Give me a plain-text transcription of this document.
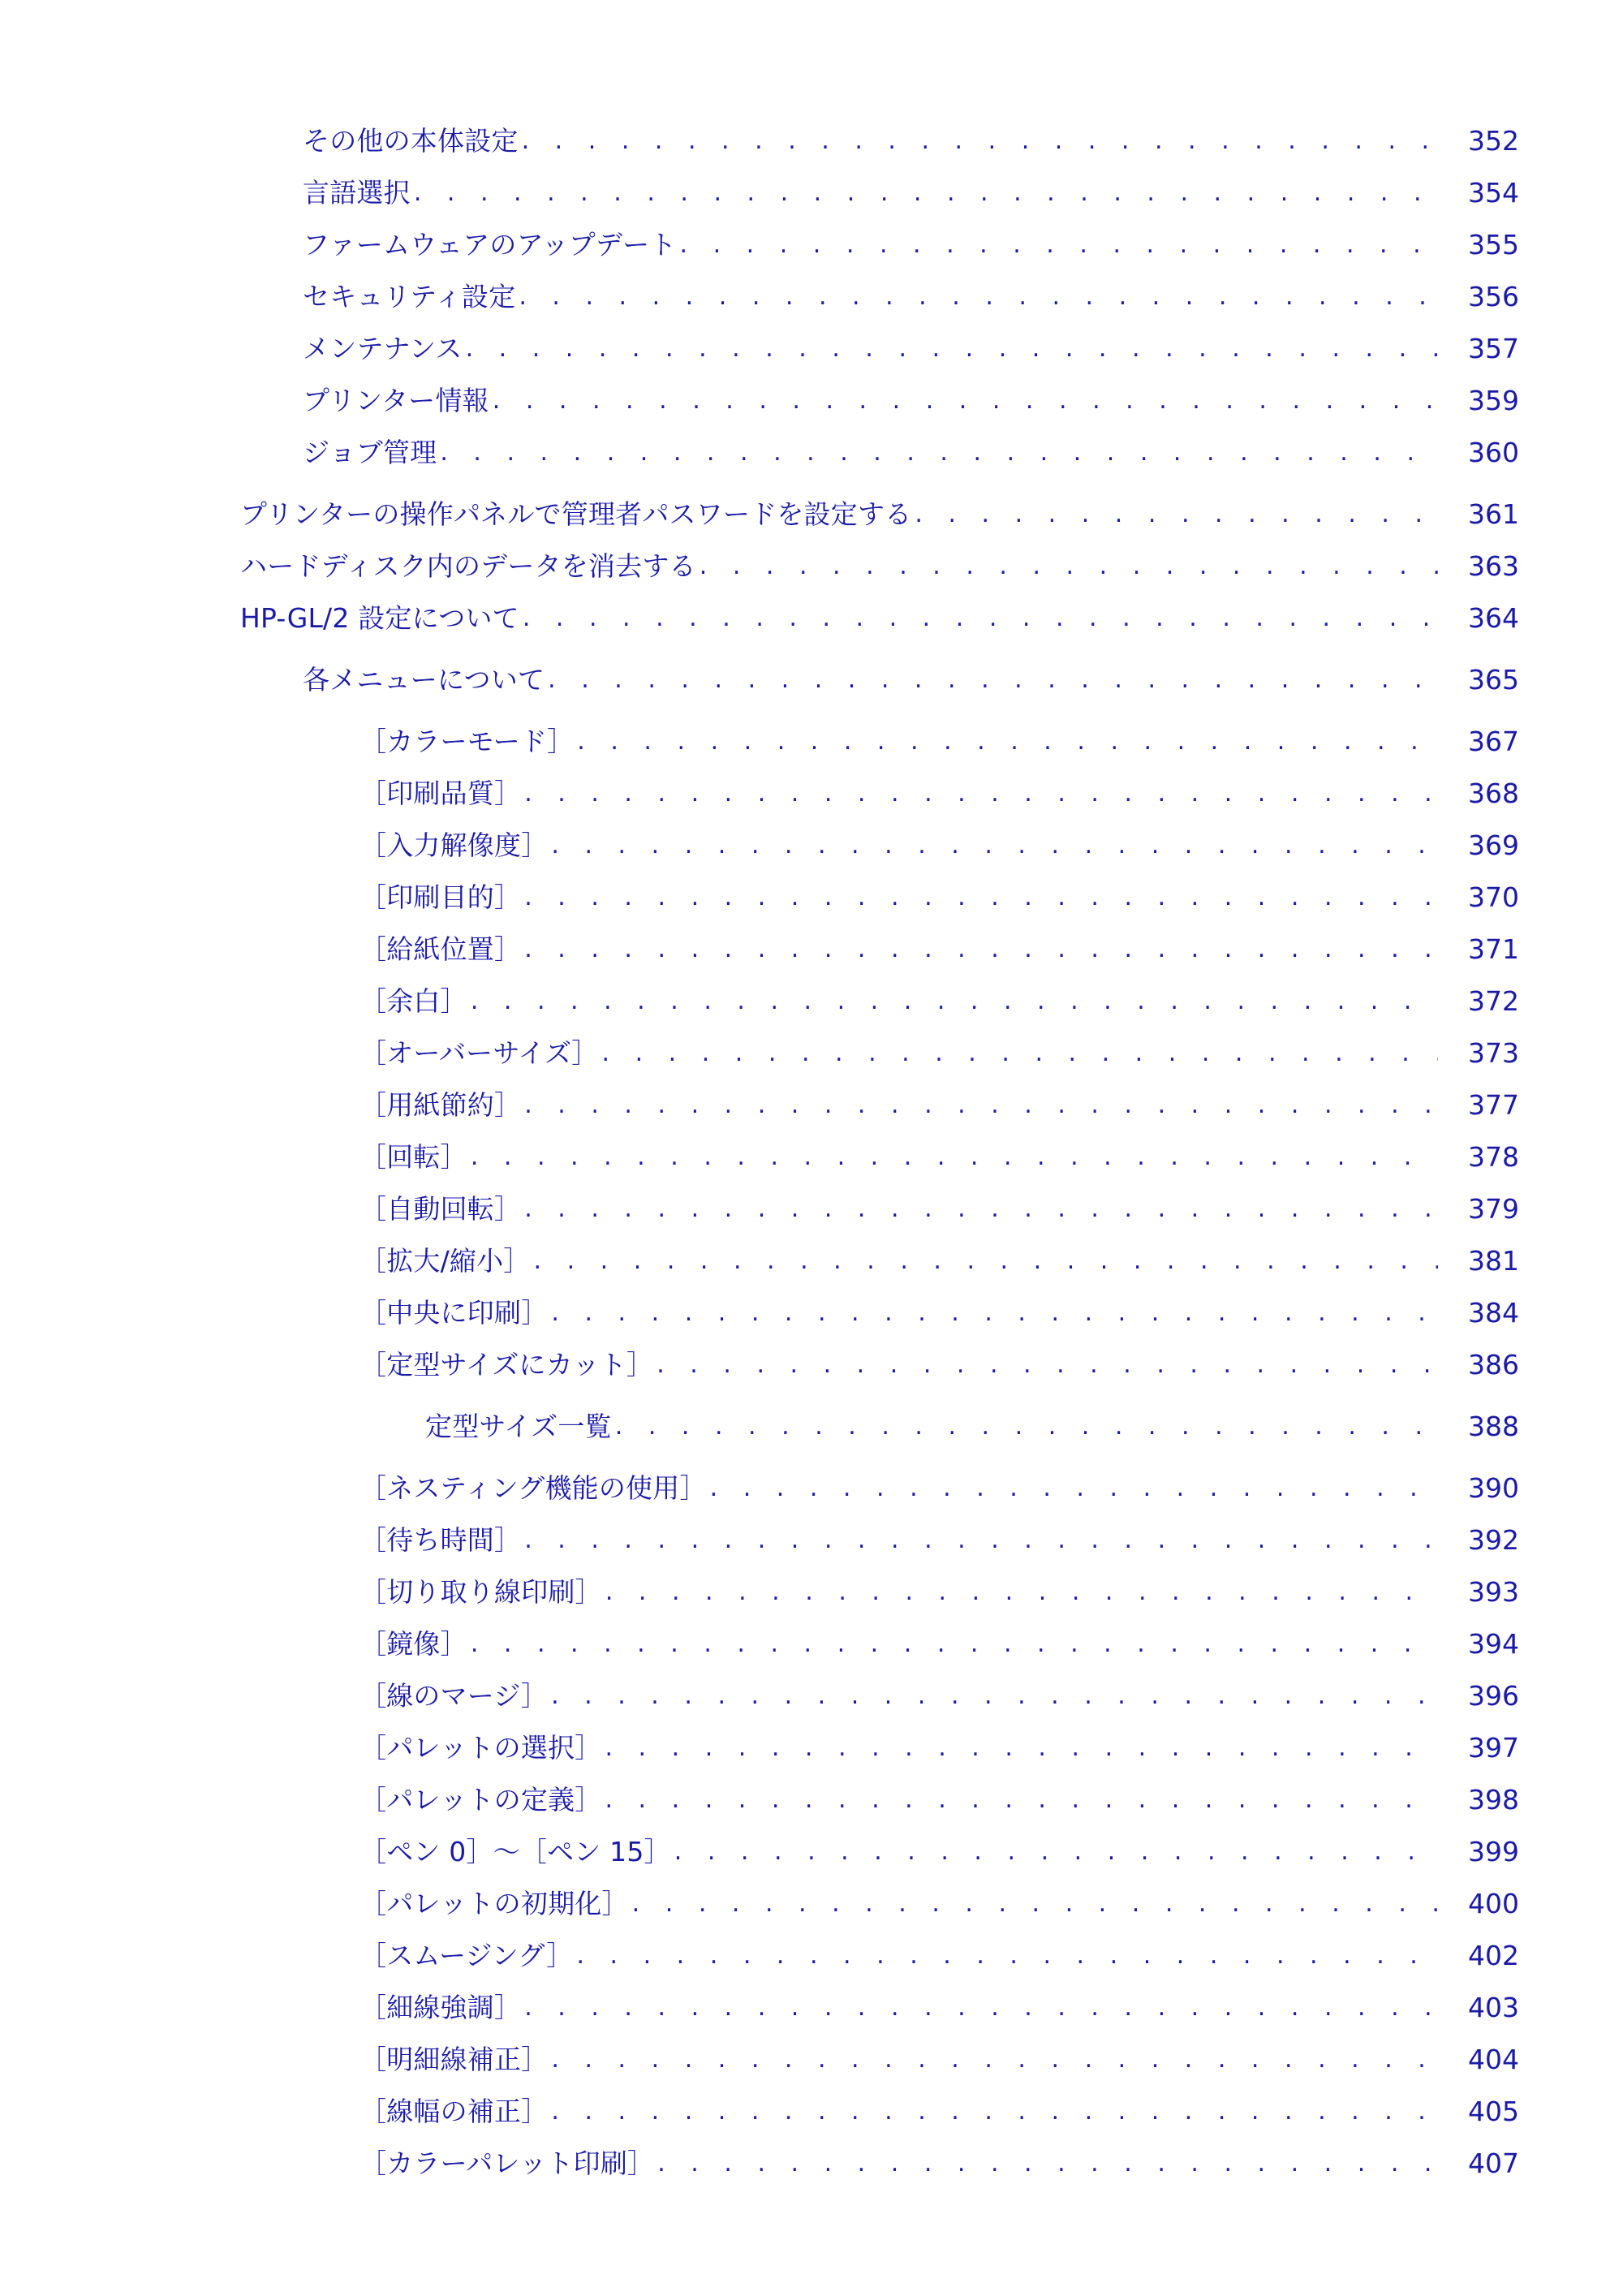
その他の本体設定 . . .	352
言語選択 . . .	354
ファームウェアのアップデート . . .	355
セキュリティ設定 . . .	356
メンテナンス . . .	357
プリンター情報 . . .	359
ジョブ管理 . . .	360
プリンターの操作パネルで管理者パスワードを設定する . . .	361
ハードディスク内のデータを消去する . . .	363
HP-GL/2 設定について . . .	364
各メニューについて . . .	365
［カラーモード］ . . .	367
［印刷品質］ . . .	368
［入力解像度］ . . .	369
［印刷目的］ . . .	370
［給紙位置］ . . .	371
［余白］ . . .	372
［オーバーサイズ］ . . .	373
［用紙節約］ . . .	377
［回転］ . . .	378
［自動回転］ . . .	379
［拡大/縮小］ . . .	381
［中央に印刷］ . . .	384
［定型サイズにカット］ . . .	386
定型サイズ一覧 . . .	388
［ネスティング機能の使用］ . . .	390
［待ち時間］ . . .	392
［切り取り線印刷］ . . .	393
［鏡像］ . . .	394
［線のマージ］ . . .	396
［パレットの選択］ . . .	397
［パレットの定義］ . . .	398
［ペン 0］～［ペン 15］ . . .	399
［パレットの初期化］ . . .	400
［スムージング］ . . .	402
［細線強調］ . . .	403
［明細線補正］ . . .	404
［線幅の補正］ . . .	405
［カラーパレット印刷］ . . .	407
